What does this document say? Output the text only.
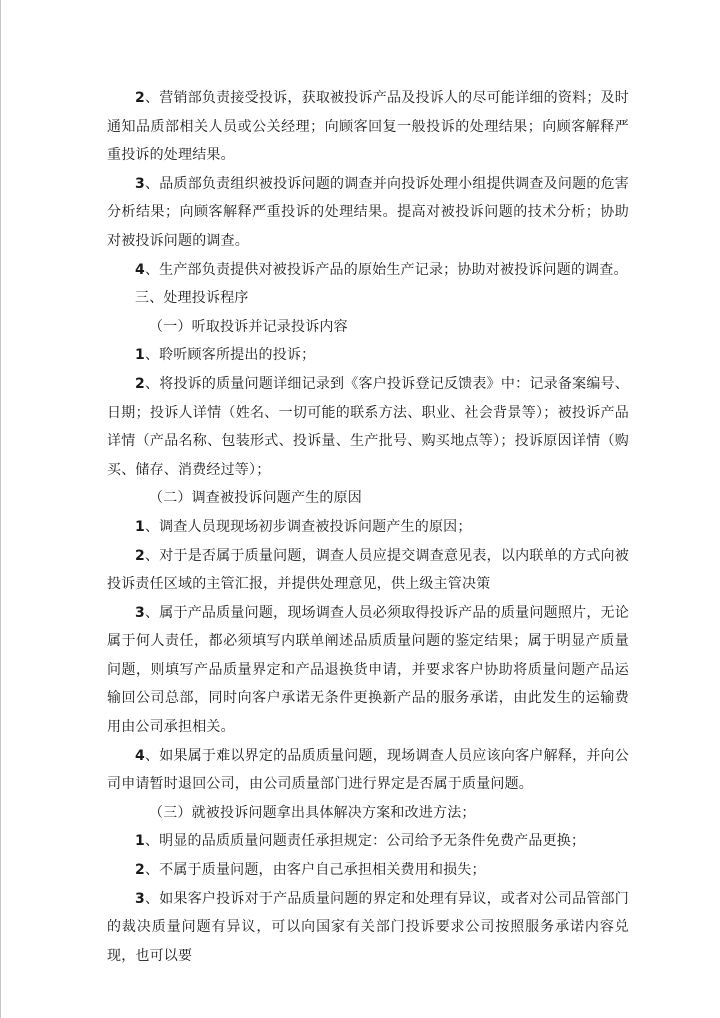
2、营销部负责接受投诉，获取被投诉产品及投诉人的尽可能详细的资料；及时通知品质部相关人员或公关经理；向顾客回复一般投诉的处理结果；向顾客解释严重投诉的处理结果。

3、品质部负责组织被投诉问题的调查并向投诉处理小组提供调查及问题的危害分析结果；向顾客解释严重投诉的处理结果。提高对被投诉问题的技术分析；协助对被投诉问题的调查。

4、生产部负责提供对被投诉产品的原始生产记录；协助对被投诉问题的调查。

三、处理投诉程序

（一）听取投诉并记录投诉内容

1、聆听顾客所提出的投诉；

2、将投诉的质量问题详细记录到《客户投诉登记反馈表》中：记录备案编号、日期；投诉人详情（姓名、一切可能的联系方法、职业、社会背景等）；被投诉产品详情（产品名称、包装形式、投诉量、生产批号、购买地点等）；投诉原因详情（购买、储存、消费经过等）；

（二）调查被投诉问题产生的原因

1、调查人员现现场初步调查被投诉问题产生的原因；

2、对于是否属于质量问题，调查人员应提交调查意见表，以内联单的方式向被投诉责任区域的主管汇报，并提供处理意见，供上级主管决策

3、属于产品质量问题，现场调查人员必须取得投诉产品的质量问题照片，无论属于何人责任，都必须填写内联单阐述品质质量问题的鉴定结果；属于明显产质量问题，则填写产品质量界定和产品退换货申请，并要求客户协助将质量问题产品运输回公司总部，同时向客户承诺无条件更换新产品的服务承诺，由此发生的运输费用由公司承担相关。

4、如果属于难以界定的品质质量问题，现场调查人员应该向客户解释，并向公司申请暂时退回公司，由公司质量部门进行界定是否属于质量问题。

（三）就被投诉问题拿出具体解决方案和改进方法；

1、明显的品质质量问题责任承担规定：公司给予无条件免费产品更换；

2、不属于质量问题，由客户自己承担相关费用和损失；

3、如果客户投诉对于产品质量问题的界定和处理有异议，或者对公司品管部门的裁决质量问题有异议，可以向国家有关部门投诉要求公司按照服务承诺内容兑现，也可以要
